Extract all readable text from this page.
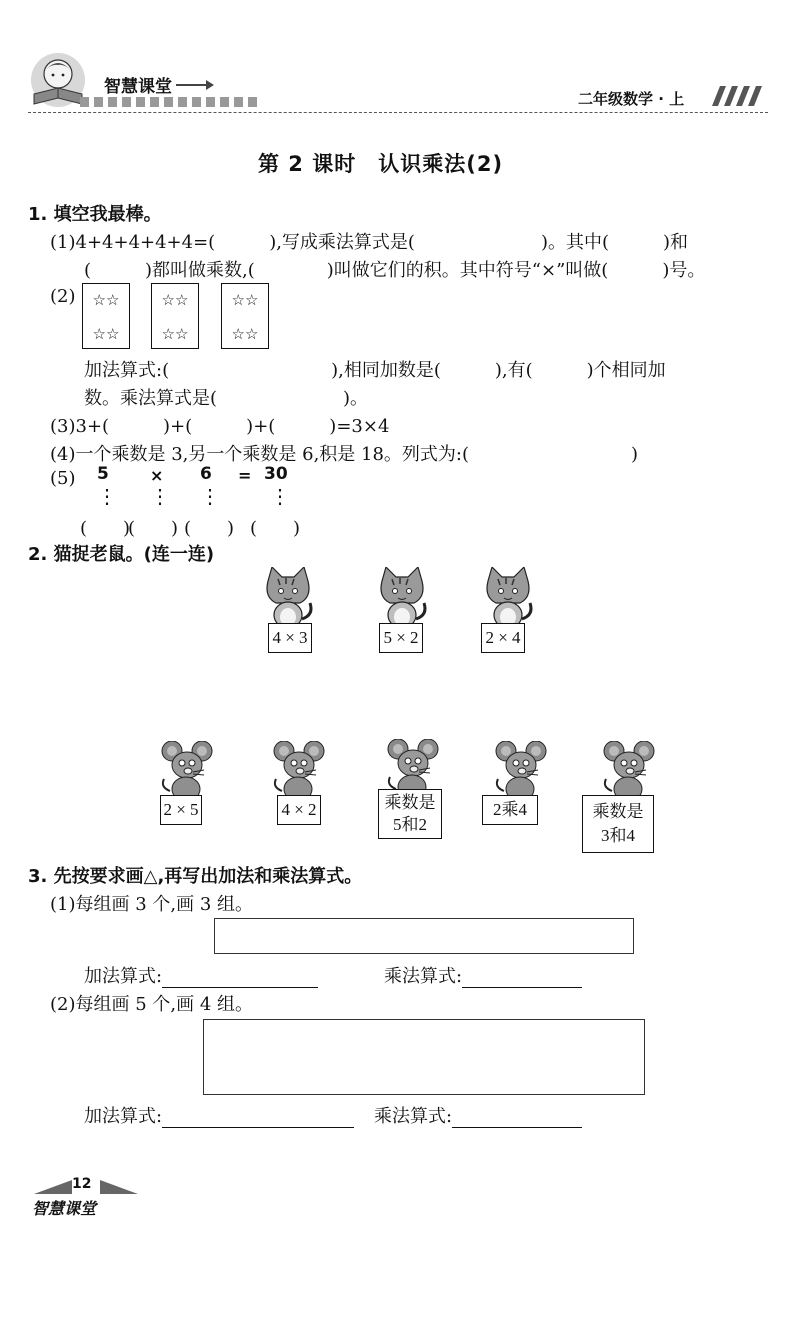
智慧课堂
二年级数学 · 上
第 2 课时　认识乘法(2)
1. 填空我最棒。
(1)4+4+4+4+4=(　　　),写成乘法算式是(　　　　　　　)。其中(　　　)和
(　　　)都叫做乘数,(　　　　)叫做它们的积。其中符号“×”叫做(　　　)号。
(2)	☆☆
☆☆
☆☆
☆☆
☆☆
☆☆
加法算式:(　　　　　　　　　),相同加数是(　　　),有(　　　)个相同加
数。乘法算式是(　　　　　　　)。
(3)3+(　　　)+(　　　)+(　　　)=3×4
(4)一个乘数是 3,另一个乘数是 6,积是 18。列式为:(　　　　　　　　　)
(5) 5	× 6 = 30
⋮ ⋮ ⋮	⋮
(　　)
(　　) (　　) (　　)
2. 猫捉老鼠。(连一连)
4 × 3	5 × 2	2 × 4
2 × 5	4 × 2	乘数是
5和2
2乘4	乘数是
3和4
3. 先按要求画△,再写出加法和乘法算式。
(1)每组画 3 个,画 3 组。
加法算式:	乘法算式:
(2)每组画 5 个,画 4 组。
加法算式:	乘法算式:
12
智慧课堂
